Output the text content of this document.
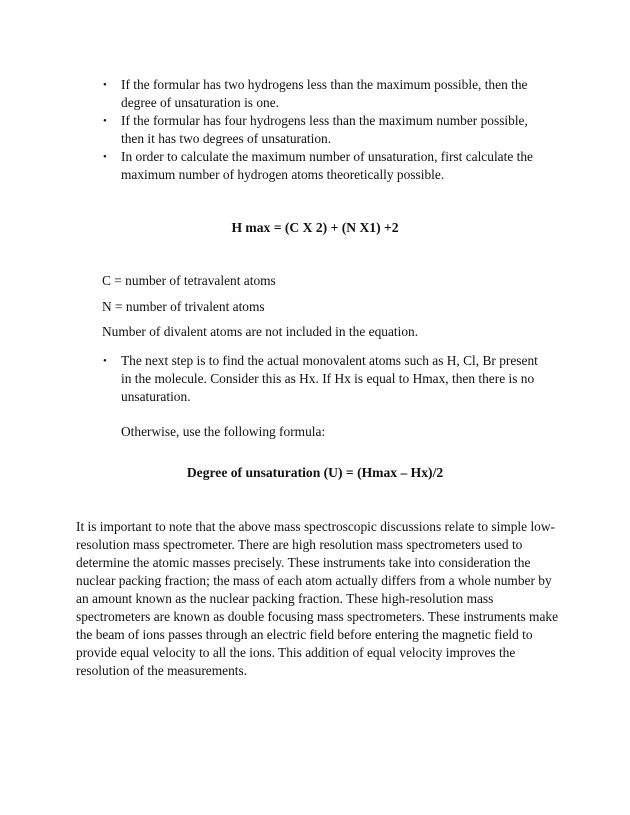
• If the formular has two hydrogens less than the maximum possible, then the degree of unsaturation is one.
• If the formular has four hydrogens less than the maximum number possible, then it has two degrees of unsaturation.
• In order to calculate the maximum number of unsaturation, first calculate the maximum number of hydrogen atoms theoretically possible.
H max = (C X 2) + (N X1) +2
C = number of tetravalent atoms
N = number of trivalent atoms
Number of divalent atoms are not included in the equation.
• The next step is to find the actual monovalent atoms such as H, Cl, Br present in the molecule. Consider this as Hx. If Hx is equal to Hmax, then there is no unsaturation.
Otherwise, use the following formula:
Degree of unsaturation (U) = (Hmax – Hx)/2

It is important to note that the above mass spectroscopic discussions relate to simple low-resolution mass spectrometer. There are high resolution mass spectrometers used to determine the atomic masses precisely. These instruments take into consideration the nuclear packing fraction; the mass of each atom actually differs from a whole number by an amount known as the nuclear packing fraction. These high-resolution mass spectrometers are known as double focusing mass spectrometers. These instruments make the beam of ions passes through an electric field before entering the magnetic field to provide equal velocity to all the ions. This addition of equal velocity improves the resolution of the measurements.
